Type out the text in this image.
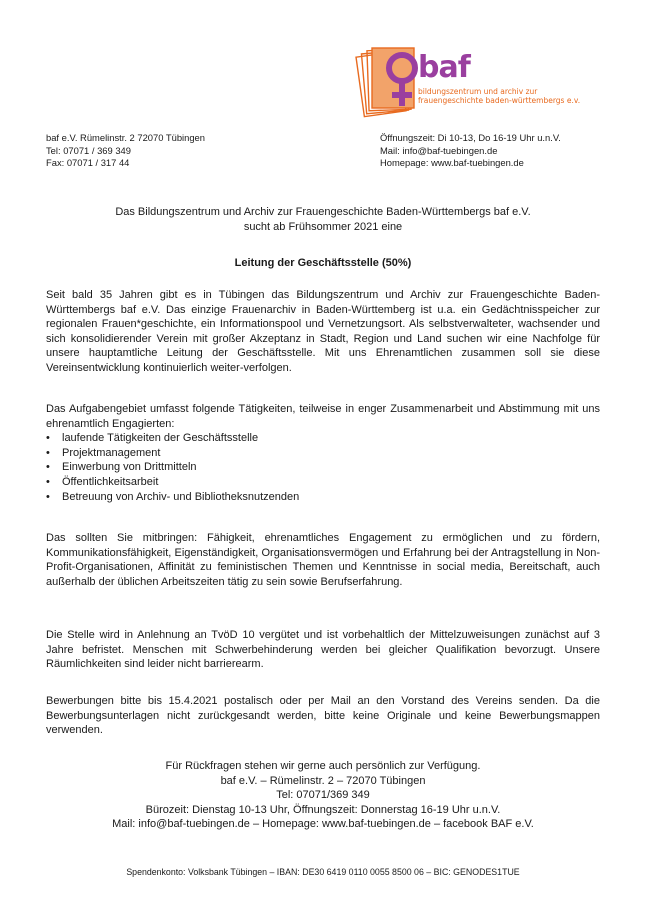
baf
bildungszentrum und archiv zur frauengeschichte baden-württembergs e.v.
baf e.V. Rümelinstr. 2 72070 Tübingen
Tel: 07071 / 369 349
Fax: 07071 / 317 44
Öffnungszeit: Di 10-13, Do 16-19 Uhr u.n.V.
Mail: info@baf-tuebingen.de
Homepage: www.baf-tuebingen.de
Das Bildungszentrum und Archiv zur Frauengeschichte Baden-Württembergs baf e.V.
sucht ab Frühsommer 2021 eine
Leitung der Geschäftsstelle (50%)
Seit bald 35 Jahren gibt es in Tübingen das Bildungszentrum und Archiv zur Frauengeschichte Baden-Württembergs baf e.V. Das einzige Frauenarchiv in Baden-Württemberg ist u.a. ein Gedächtnisspeicher zur regionalen Frauen*geschichte, ein Informationspool und Vernetzungsort. Als selbstverwalteter, wachsender und sich konsolidierender Verein mit großer Akzeptanz in Stadt, Region und Land suchen wir eine Nachfolge für unsere hauptamtliche Leitung der Geschäftsstelle. Mit uns Ehrenamtlichen zusammen soll sie diese Vereinsentwicklung kontinuierlich weiter-verfolgen.
Das Aufgabengebiet umfasst folgende Tätigkeiten, teilweise in enger Zusammenarbeit und Abstimmung mit uns ehrenamtlich Engagierten:
• laufende Tätigkeiten der Geschäftsstelle
• Projektmanagement
• Einwerbung von Drittmitteln
• Öffentlichkeitsarbeit
• Betreuung von Archiv- und Bibliotheksnutzenden
Das sollten Sie mitbringen: Fähigkeit, ehrenamtliches Engagement zu ermöglichen und zu fördern, Kommunikationsfähigkeit, Eigenständigkeit, Organisationsvermögen und Erfahrung bei der Antragstellung in Non-Profit-Organisationen, Affinität zu feministischen Themen und Kenntnisse in social media, Bereitschaft, auch außerhalb der üblichen Arbeitszeiten tätig zu sein sowie Berufserfahrung.
Die Stelle wird in Anlehnung an TvöD 10 vergütet und ist vorbehaltlich der Mittelzuweisungen zunächst auf 3 Jahre befristet. Menschen mit Schwerbehinderung werden bei gleicher Qualifikation bevorzugt. Unsere Räumlichkeiten sind leider nicht barrierearm.
Bewerbungen bitte bis 15.4.2021 postalisch oder per Mail an den Vorstand des Vereins senden. Da die Bewerbungsunterlagen nicht zurückgesandt werden, bitte keine Originale und keine Bewerbungsmappen verwenden.
Für Rückfragen stehen wir gerne auch persönlich zur Verfügung.
baf e.V. – Rümelinstr. 2 – 72070 Tübingen
Tel: 07071/369 349
Bürozeit: Dienstag 10-13 Uhr, Öffnungszeit: Donnerstag 16-19 Uhr u.n.V.
Mail: info@baf-tuebingen.de – Homepage: www.baf-tuebingen.de – facebook BAF e.V.
Spendenkonto: Volksbank Tübingen – IBAN: DE30 6419 0110 0055 8500 06 – BIC: GENODES1TUE
